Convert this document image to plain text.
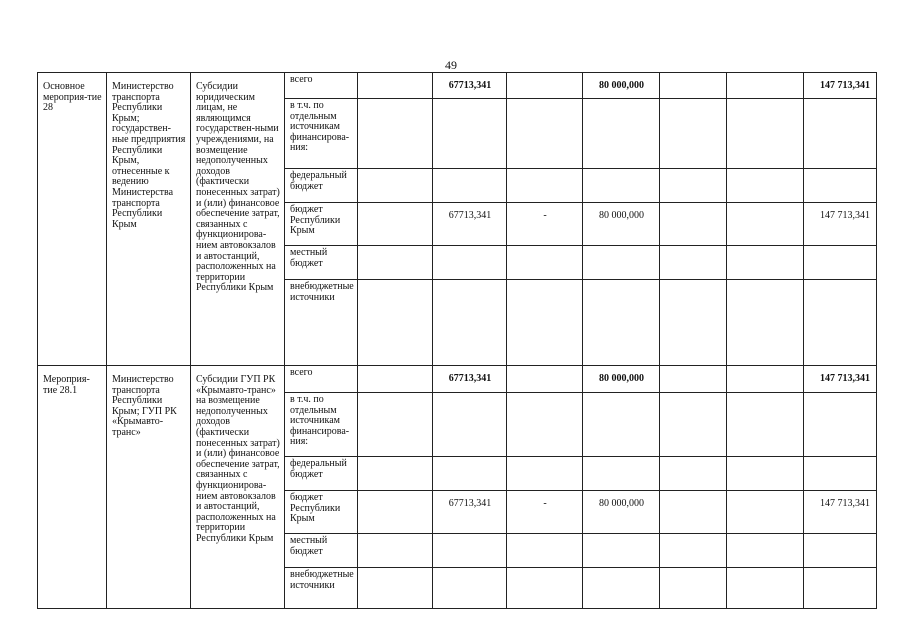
49
Основное мероприя-тие 28	Министерство транспорта Республики Крым; государствен-ные предприятия Республики Крым, отнесенные к ведению Министерства транспорта Республики Крым	Субсидии юридическим лицам, не являющимся государствен-ными учреждениями, на возмещение недополученных доходов (фактически понесенных затрат) и (или) финансовое обеспечение затрат, связанных с функционирова-нием автовокзалов и автостанций, расположенных на территории Республики Крым	всего		67713,341		80 000,000			147 713,341
			в т.ч. по отдельным источникам финансирова-ния:							
			федеральный бюджет							
			бюджет Республики Крым		67713,341	-	80 000,000			147 713,341
			местный бюджет							
			внебюджетные источники							

Мероприя-тие 28.1	Министерство транспорта Республики Крым; ГУП РК «Крымавто-транс»	Субсидии ГУП РК «Крымавто-транс» на возмещение недополученных доходов (фактически понесенных затрат) и (или) финансовое обеспечение затрат, связанных с функционирова-нием автовокзалов и автостанций, расположенных на территории Республики Крым	всего		67713,341		80 000,000			147 713,341
			в т.ч. по отдельным источникам финансирова-ния:							
			федеральный бюджет							
			бюджет Республики Крым		67713,341	-	80 000,000			147 713,341
			местный бюджет							
			внебюджетные источники							
